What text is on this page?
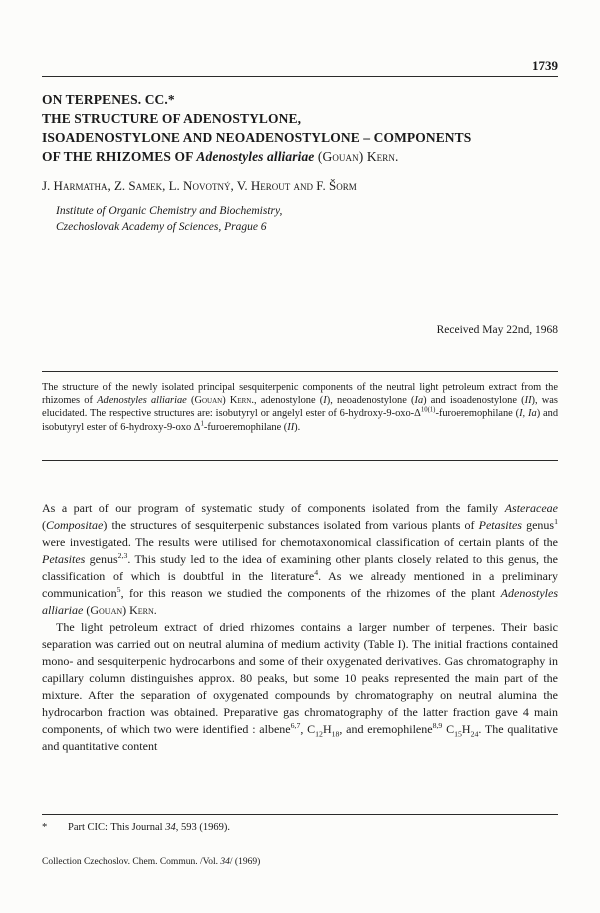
1739
ON TERPENES. CC.*
THE STRUCTURE OF ADENOSTYLONE,
ISOADENOSTYLONE AND NEOADENOSTYLONE – COMPONENTS
OF THE RHIZOMES OF Adenostyles alliariae (Gouan) Kern.
J. Harmatha, Z. Samek, L. Novotný, V. Herout and F. Šorm
Institute of Organic Chemistry and Biochemistry,
Czechoslovak Academy of Sciences, Prague 6
Received May 22nd, 1968

The structure of the newly isolated principal sesquiterpenic components of the neutral light petroleum extract from the rhizomes of Adenostyles alliariae (Gouan) Kern., adenostylone (I), neoadenostylone (Ia) and isoadenostylone (II), was elucidated. The respective structures are: isobutyryl or angelyl ester of $6-hydroxy-9-oxo-\Delta^{10(1)}$-furoeremophilane (I, Ia) and isobutyryl ester of 6-hydroxy-9-oxo $\Delta^1$-furoeremophilane (II).

As a part of our program of systematic study of components isolated from the family Asteraceae (Compositae) the structures of sesquiterpenic substances isolated from various plants of Petasites genus$^1$ were investigated. The results were utilised for chemotaxonomical classification of certain plants of the Petasites genus$^{2,3}$. This study led to the idea of examining other plants closely related to this genus, the classification of which is doubtful in the literature$^4$. As we already mentioned in a preliminary communication$^5$, for this reason we studied the components of the rhizomes of the plant Adenostyles alliariae (Gouan) Kern.

The light petroleum extract of dried rhizomes contains a larger number of terpenes. Their basic separation was carried out on neutral alumina of medium activity (Table I). The initial fractions contained mono- and sesquiterpenic hydrocarbons and some of their oxygenated derivatives. Gas chromatography in capillary column distinguishes approx. 80 peaks, but some 10 peaks represented the main part of the mixture. After the separation of oxygenated compounds by chromatography on neutral alumina the hydrocarbon fraction was obtained. Preparative gas chromatography of the latter fraction gave 4 main components, of which two were identified : albene$^{6,7}$, $C_{12}H_{18}$, and eremophilene$^{8,9}$ $C_{15}H_{24}$. The qualitative and quantitative content

* Part CIC: This Journal 34, 593 (1969).
Collection Czechoslov. Chem. Commun. /Vol. 34/ (1969)
